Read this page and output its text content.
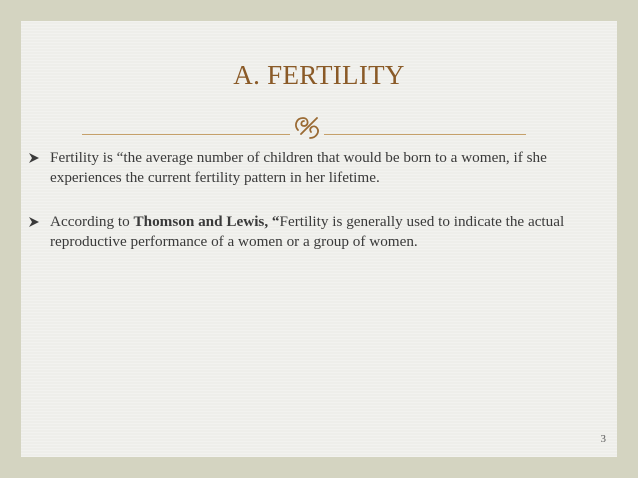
A. FERTILITY
Fertility is “the average number of children that would be born to a women, if she experiences the current fertility pattern in her lifetime.
According to Thomson and Lewis, “Fertility is generally used to indicate the actual reproductive performance of a women or a group of women.
3
